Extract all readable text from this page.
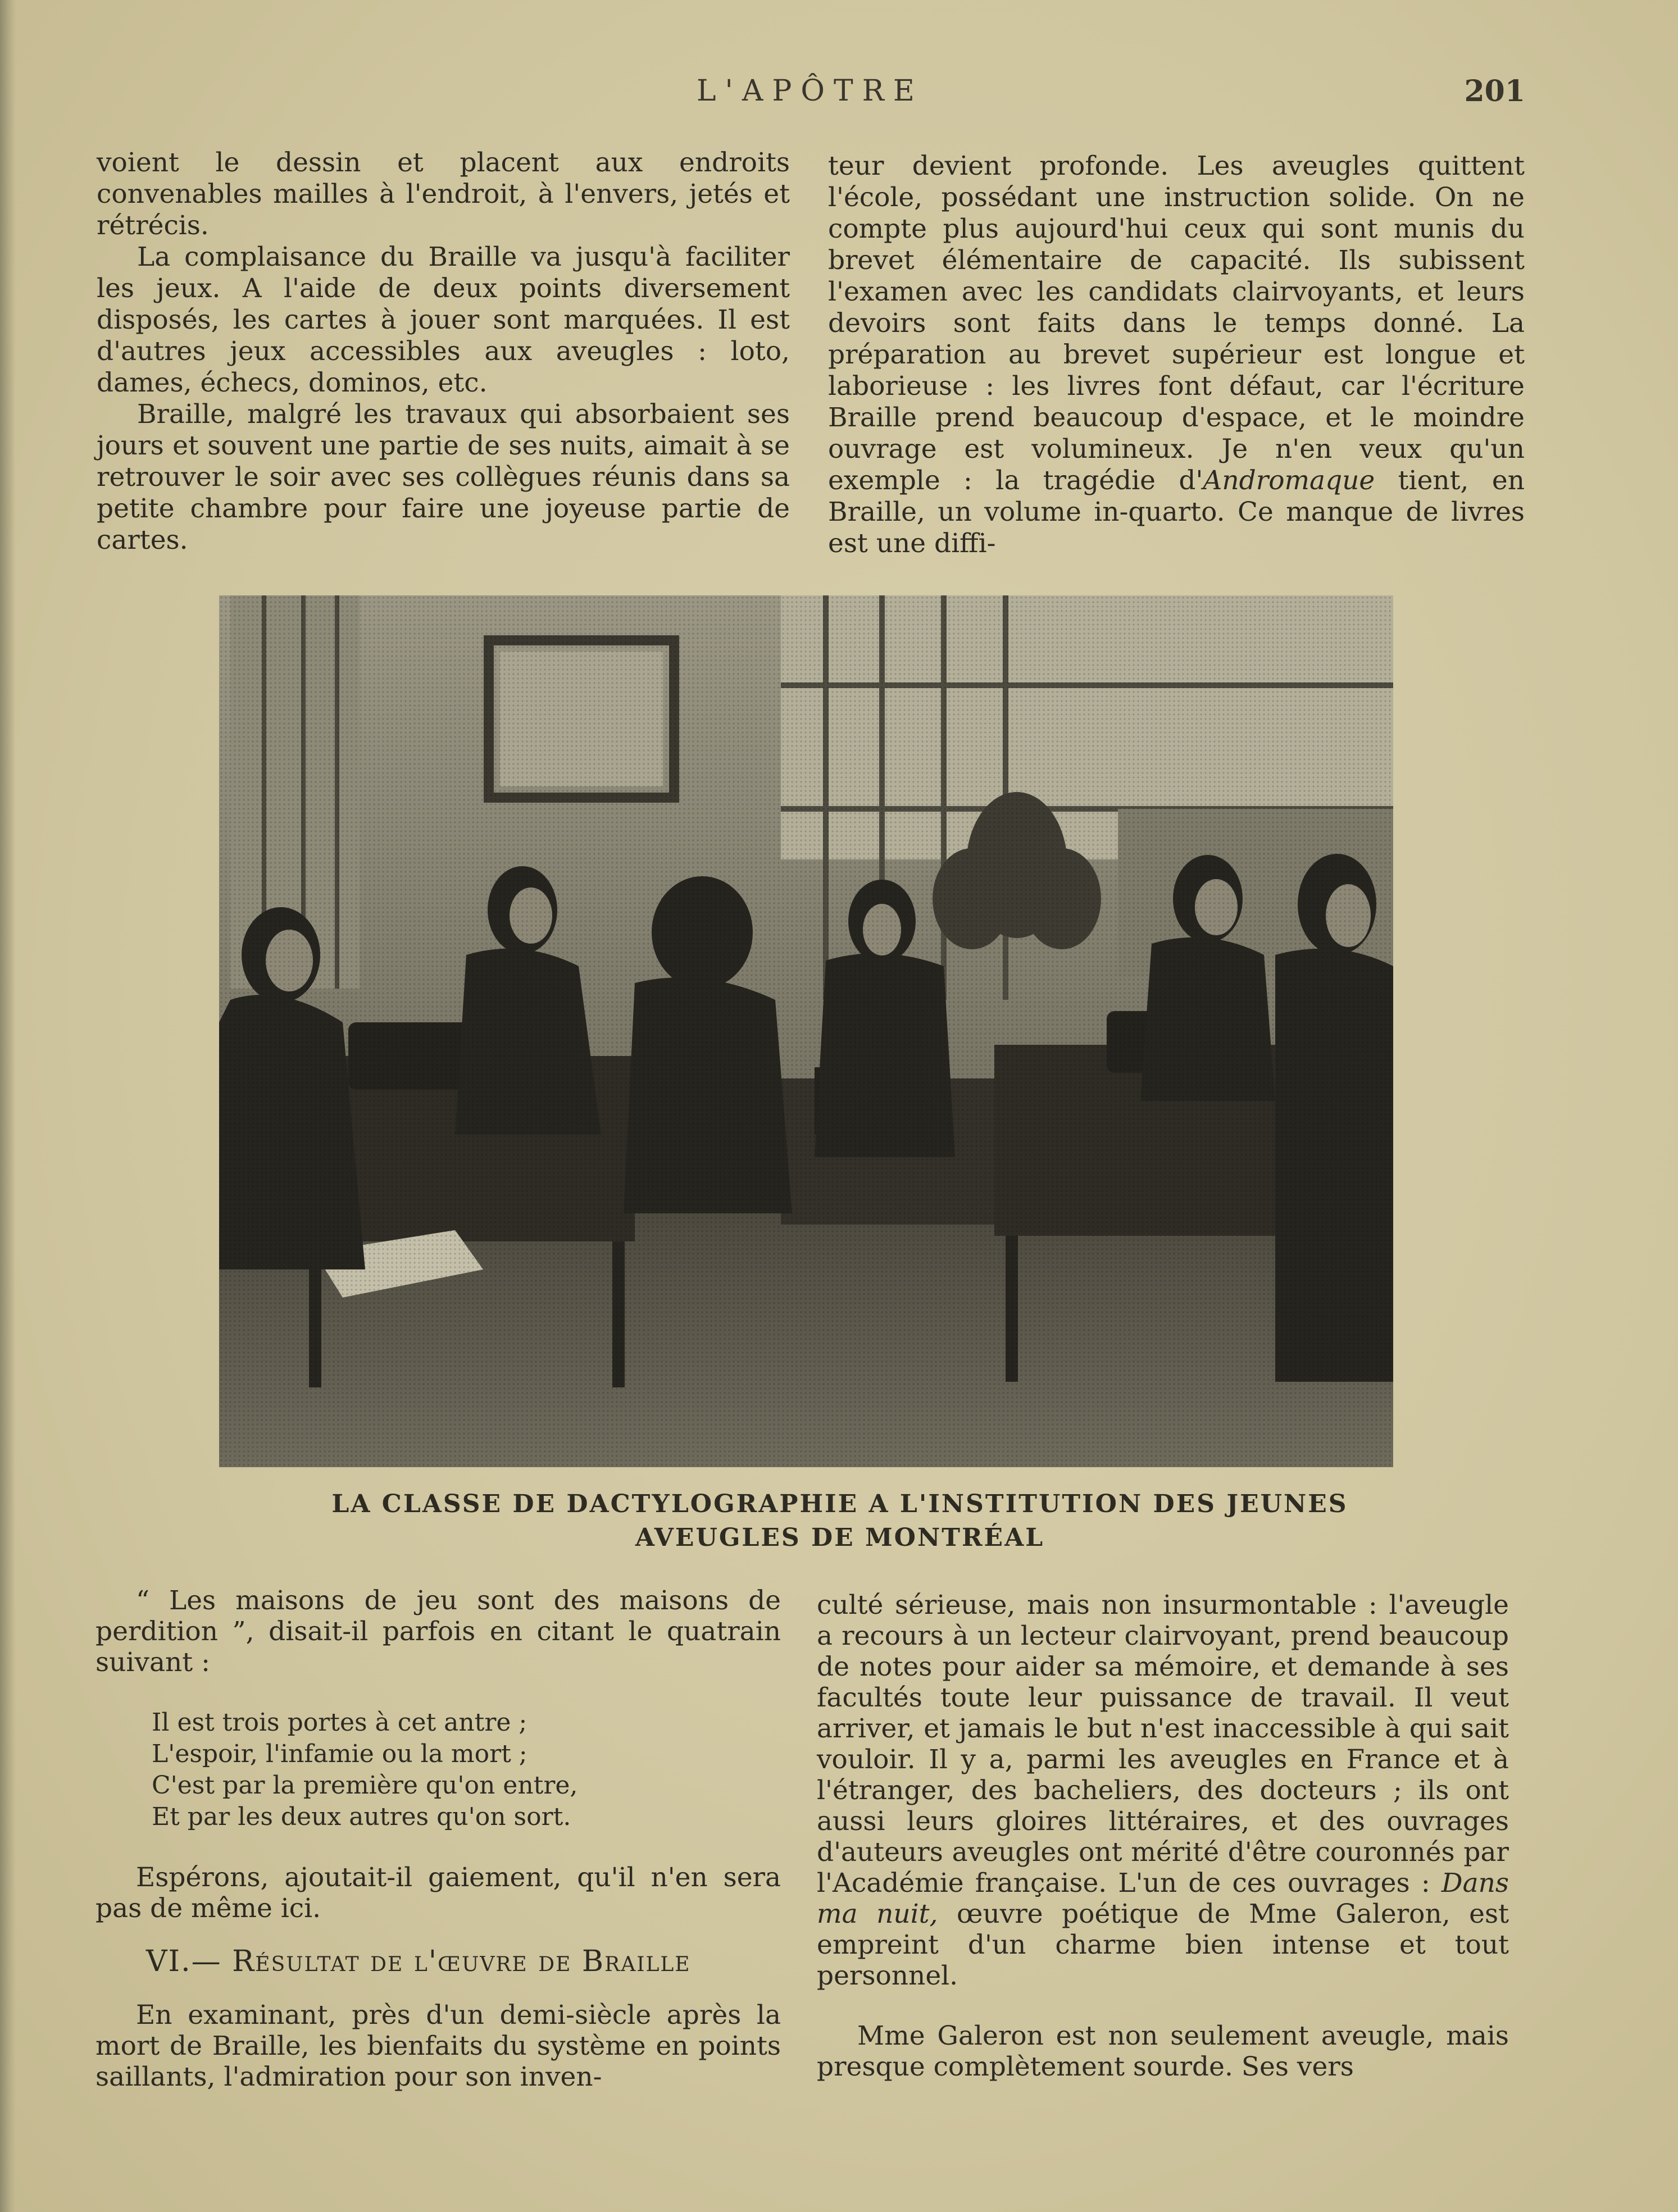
L'APÔTRE	201

voient le dessin et placent aux endroits convenables mailles à l'endroit, à l'envers, jetés et rétrécis.

La complaisance du Braille va jusqu'à faciliter les jeux. A l'aide de deux points diversement disposés, les cartes à jouer sont marquées. Il est d'autres jeux accessibles aux aveugles : loto, dames, échecs, dominos, etc.

Braille, malgré les travaux qui absorbaient ses jours et souvent une partie de ses nuits, aimait à se retrouver le soir avec ses collègues réunis dans sa petite chambre pour faire une joyeuse partie de cartes.

teur devient profonde. Les aveugles quittent l'école, possédant une instruction solide. On ne compte plus aujourd'hui ceux qui sont munis du brevet élémentaire de capacité. Ils subissent l'examen avec les candidats clairvoyants, et leurs devoirs sont faits dans le temps donné. La préparation au brevet supérieur est longue et laborieuse : les livres font défaut, car l'écriture Braille prend beaucoup d'espace, et le moindre ouvrage est volumineux. Je n'en veux qu'un exemple : la tragédie d'Andromaque tient, en Braille, un volume in-quarto. Ce manque de livres est une diffi-

LA CLASSE DE DACTYLOGRAPHIE A L'INSTITUTION DES JEUNES
AVEUGLES DE MONTRÉAL

“ Les maisons de jeu sont des maisons de perdition ”, disait-il parfois en citant le quatrain suivant :

Il est trois portes à cet antre ;
L'espoir, l'infamie ou la mort ;
C'est par la première qu'on entre,
Et par les deux autres qu'on sort.

Espérons, ajoutait-il gaiement, qu'il n'en sera pas de même ici.

VI.— Résultat de l'œuvre de Braille

En examinant, près d'un demi-siècle après la mort de Braille, les bienfaits du système en points saillants, l'admiration pour son inven-

culté sérieuse, mais non insurmontable : l'aveugle a recours à un lecteur clairvoyant, prend beaucoup de notes pour aider sa mémoire, et demande à ses facultés toute leur puissance de travail. Il veut arriver, et jamais le but n'est inaccessible à qui sait vouloir. Il y a, parmi les aveugles en France et à l'étranger, des bacheliers, des docteurs ; ils ont aussi leurs gloires littéraires, et des ouvrages d'auteurs aveugles ont mérité d'être couronnés par l'Académie française. L'un de ces ouvrages : Dans ma nuit, œuvre poétique de Mme Galeron, est empreint d'un charme bien intense et tout personnel.

Mme Galeron est non seulement aveugle, mais presque complètement sourde. Ses vers
